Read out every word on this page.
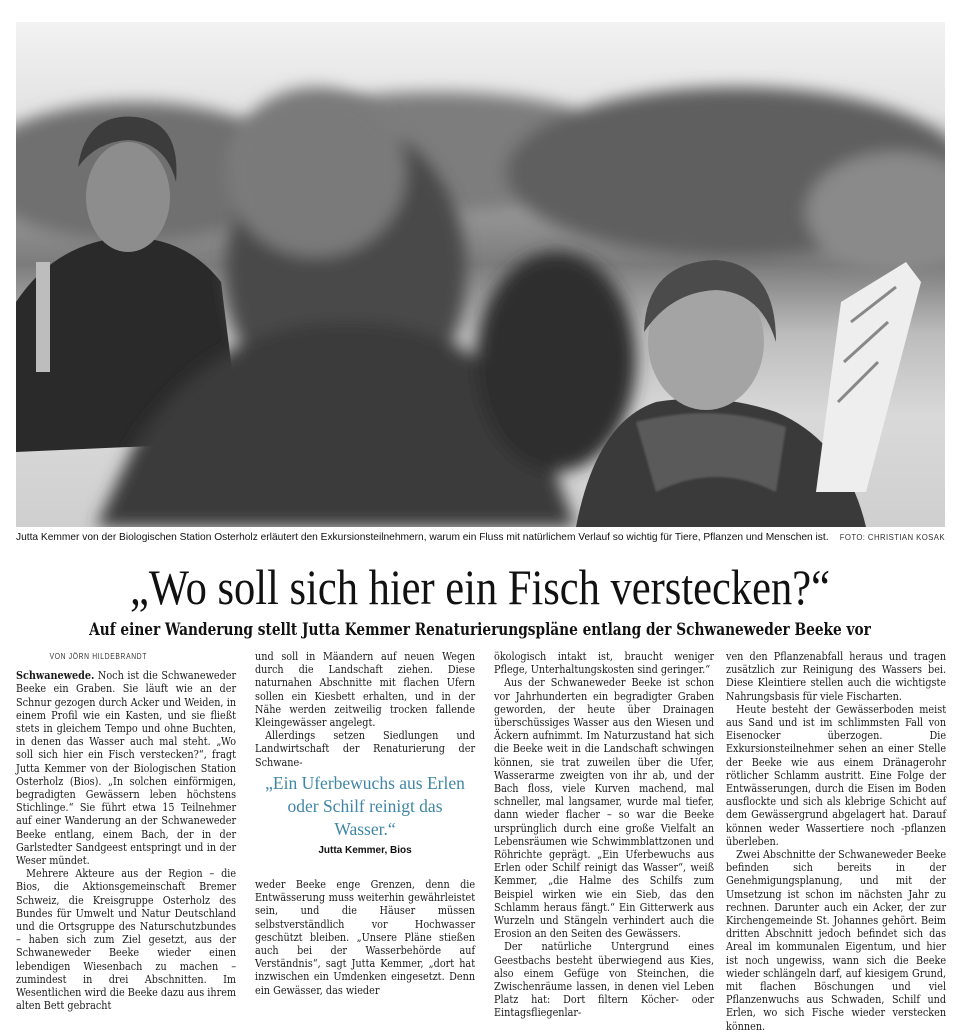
Jutta Kemmer von der Biologischen Station Osterholz erläutert den Exkursionsteilnehmern, warum ein Fluss mit natürlichem Verlauf so wichtig für Tiere, Pflanzen und Menschen ist. FOTO: CHRISTIAN KOSAK
„Wo soll sich hier ein Fisch verstecken?“
Auf einer Wanderung stellt Jutta Kemmer Renaturierungspläne entlang der Schwaneweder Beeke vor
VON JÖRN HILDEBRANDT

Schwanewede. Noch ist die Schwaneweder Beeke ein Graben. Sie läuft wie an der Schnur gezogen durch Acker und Weiden, in einem Profil wie ein Kasten, und sie fließt stets in gleichem Tempo und ohne Buchten, in denen das Wasser auch mal steht. „Wo soll sich hier ein Fisch verstecken?“, fragt Jutta Kemmer von der Biologischen Station Osterholz (Bios). „In solchen einförmigen, begradigten Gewässern leben höchstens Stichlinge.“ Sie führt etwa 15 Teilnehmer auf einer Wanderung an der Schwaneweder Beeke entlang, einem Bach, der in der Garlstedter Sandgeest entspringt und in der Weser mündet.

Mehrere Akteure aus der Region – die Bios, die Aktionsgemeinschaft Bremer Schweiz, die Kreisgruppe Osterholz des Bundes für Umwelt und Natur Deutschland und die Ortsgruppe des Naturschutzbundes – haben sich zum Ziel gesetzt, aus der Schwaneweder Beeke wieder einen lebendigen Wiesenbach zu machen – zumindest in drei Abschnitten. Im Wesentlichen wird die Beeke dazu aus ihrem alten Bett gebracht

und soll in Mäandern auf neuen Wegen durch die Landschaft ziehen. Diese naturnahen Abschnitte mit flachen Ufern sollen ein Kiesbett erhalten, und in der Nähe werden zeitweilig trocken fallende Kleingewässer angelegt.

Allerdings setzen Siedlungen und Landwirtschaft der Renaturierung der Schwane-

„Ein Uferbewuchs aus Erlen oder Schilf reinigt das Wasser.“
Jutta Kemmer, Bios

weder Beeke enge Grenzen, denn die Entwässerung muss weiterhin gewährleistet sein, und die Häuser müssen selbstverständlich vor Hochwasser geschützt bleiben. „Unsere Pläne stießen auch bei der Wasserbehörde auf Verständnis“, sagt Jutta Kemmer, „dort hat inzwischen ein Umdenken eingesetzt. Denn ein Gewässer, das wieder

ökologisch intakt ist, braucht weniger Pflege, Unterhaltungskosten sind geringer.“

Aus der Schwaneweder Beeke ist schon vor Jahrhunderten ein begradigter Graben geworden, der heute über Drainagen überschüssiges Wasser aus den Wiesen und Äckern aufnimmt. Im Naturzustand hat sich die Beeke weit in die Landschaft schwingen können, sie trat zuweilen über die Ufer, Wasserarme zweigten von ihr ab, und der Bach floss, viele Kurven machend, mal schneller, mal langsamer, wurde mal tiefer, dann wieder flacher – so war die Beeke ursprünglich durch eine große Vielfalt an Lebensräumen wie Schwimmblattzonen und Röhrichte geprägt. „Ein Uferbewuchs aus Erlen oder Schilf reinigt das Wasser“, weiß Kemmer, „die Halme des Schilfs zum Beispiel wirken wie ein Sieb, das den Schlamm heraus fängt.“ Ein Gitterwerk aus Wurzeln und Stängeln verhindert auch die Erosion an den Seiten des Gewässers.

Der natürliche Untergrund eines Geestbachs besteht überwiegend aus Kies, also einem Gefüge von Steinchen, die Zwischenräume lassen, in denen viel Leben Platz hat: Dort filtern Köcher- oder Eintagsfliegenlar-

ven den Pflanzenabfall heraus und tragen zusätzlich zur Reinigung des Wassers bei. Diese Kleintiere stellen auch die wichtigste Nahrungsbasis für viele Fischarten.

Heute besteht der Gewässerboden meist aus Sand und ist im schlimmsten Fall von Eisenocker überzogen. Die Exkursionsteilnehmer sehen an einer Stelle der Beeke wie aus einem Dränagerohr rötlicher Schlamm austritt. Eine Folge der Entwässerungen, durch die Eisen im Boden ausflockte und sich als klebrige Schicht auf dem Gewässergrund abgelagert hat. Darauf können weder Wassertiere noch -pflanzen überleben.

Zwei Abschnitte der Schwaneweder Beeke befinden sich bereits in der Genehmigungsplanung, und mit der Umsetzung ist schon im nächsten Jahr zu rechnen. Darunter auch ein Acker, der zur Kirchengemeinde St. Johannes gehört. Beim dritten Abschnitt jedoch befindet sich das Areal im kommunalen Eigentum, und hier ist noch ungewiss, wann sich die Beeke wieder schlängeln darf, auf kiesigem Grund, mit flachen Böschungen und viel Pflanzenwuchs aus Schwaden, Schilf und Erlen, wo sich Fische wieder verstecken können.
